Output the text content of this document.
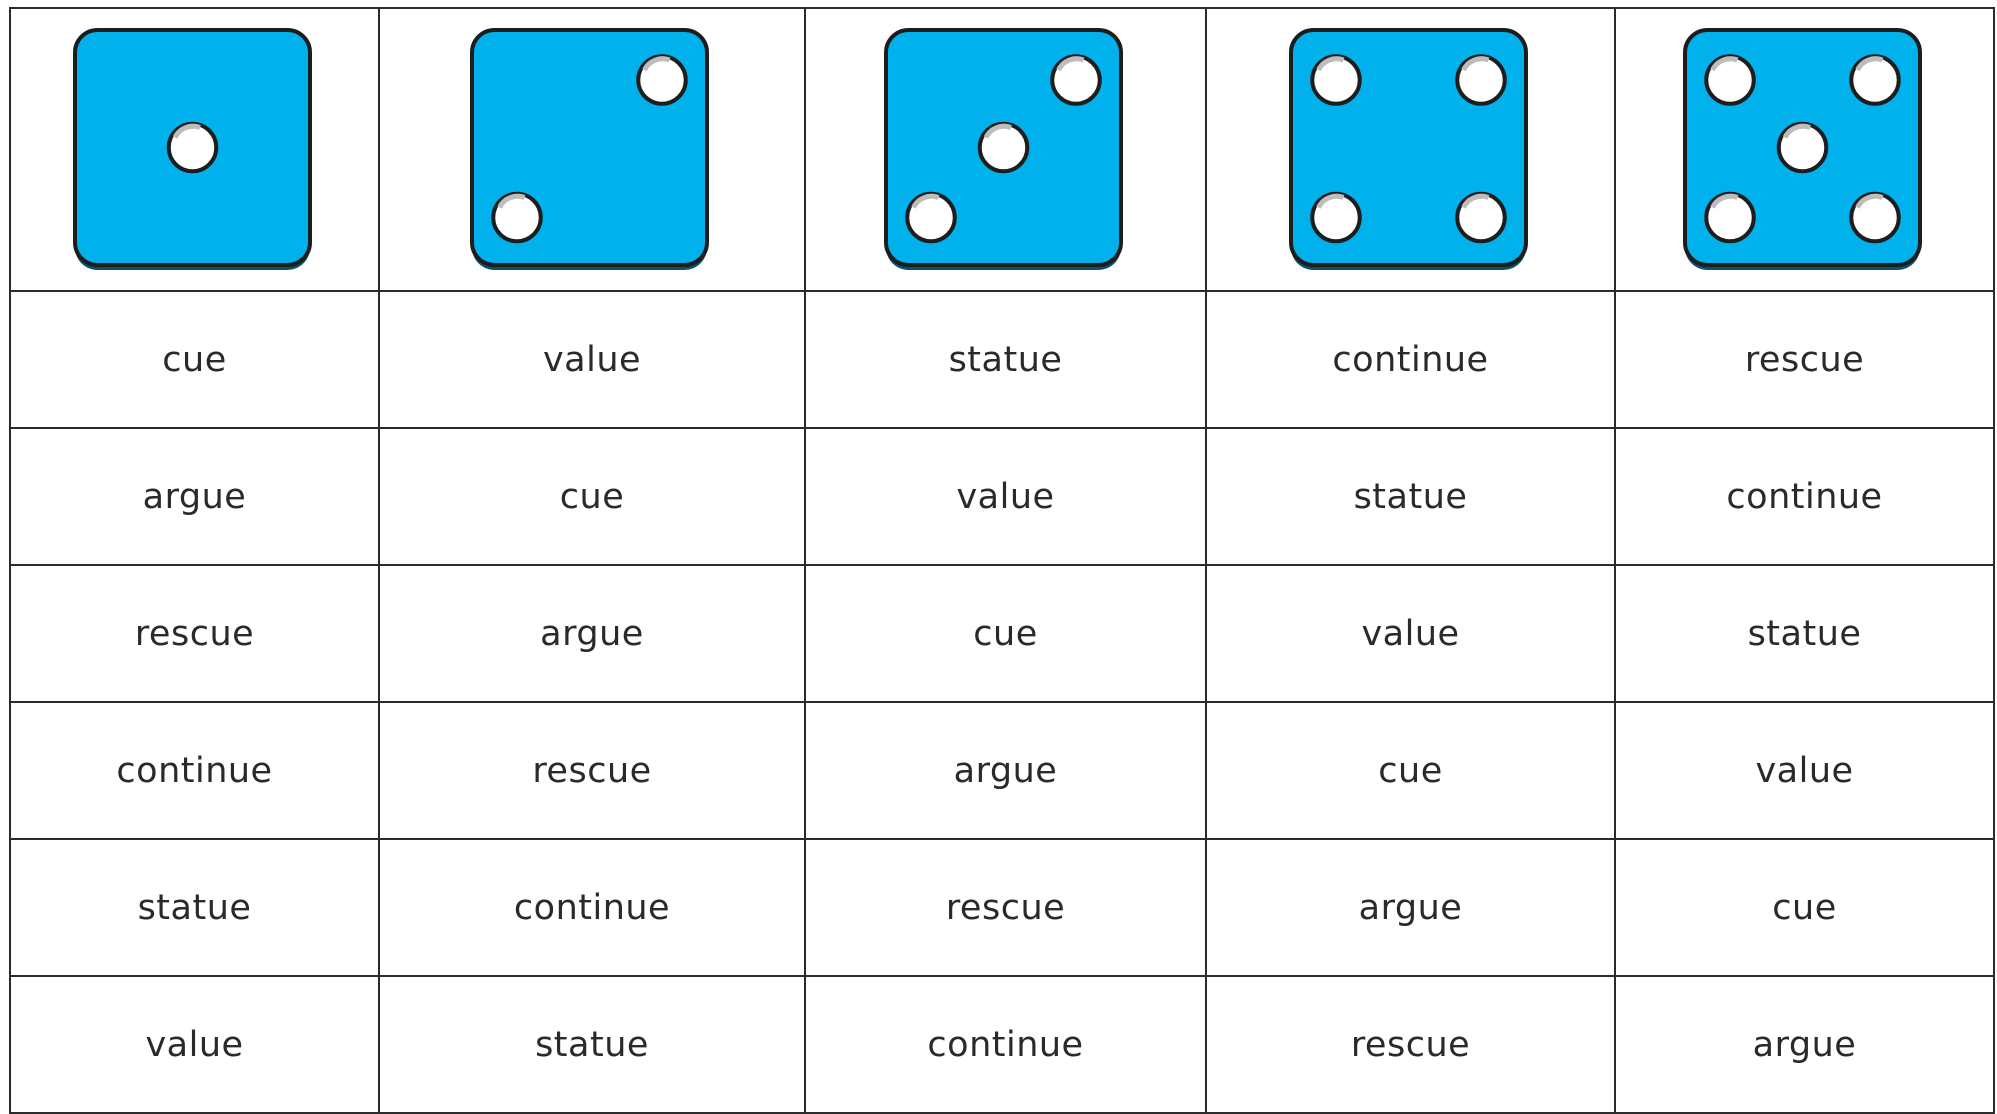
cue	value	statue	continue	rescue
argue	cue	value	statue	continue
rescue	argue	cue	value	statue
continue	rescue	argue	cue	value
statue	continue	rescue	argue	cue
value	statue	continue	rescue	argue
